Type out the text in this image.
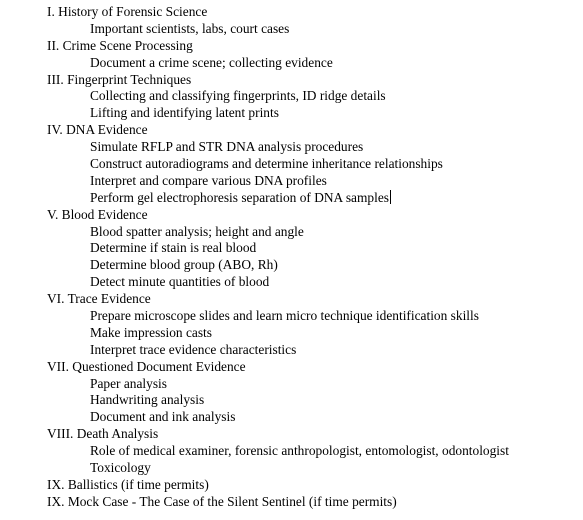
I. History of Forensic Science
Important scientists, labs, court cases
II. Crime Scene Processing
Document a crime scene; collecting evidence
III. Fingerprint Techniques
Collecting and classifying fingerprints, ID ridge details
Lifting and identifying latent prints
IV. DNA Evidence
Simulate RFLP and STR DNA analysis procedures
Construct autoradiograms and determine inheritance relationships
Interpret and compare various DNA profiles
Perform gel electrophoresis separation of DNA samples
V. Blood Evidence
Blood spatter analysis; height and angle
Determine if stain is real blood
Determine blood group (ABO, Rh)
Detect minute quantities of blood
VI. Trace Evidence
Prepare microscope slides and learn micro technique identification skills
Make impression casts
Interpret trace evidence characteristics
VII. Questioned Document Evidence
Paper analysis
Handwriting analysis
Document and ink analysis
VIII. Death Analysis
Role of medical examiner, forensic anthropologist, entomologist, odontologist
Toxicology
IX. Ballistics (if time permits)
IX. Mock Case - The Case of the Silent Sentinel (if time permits)
